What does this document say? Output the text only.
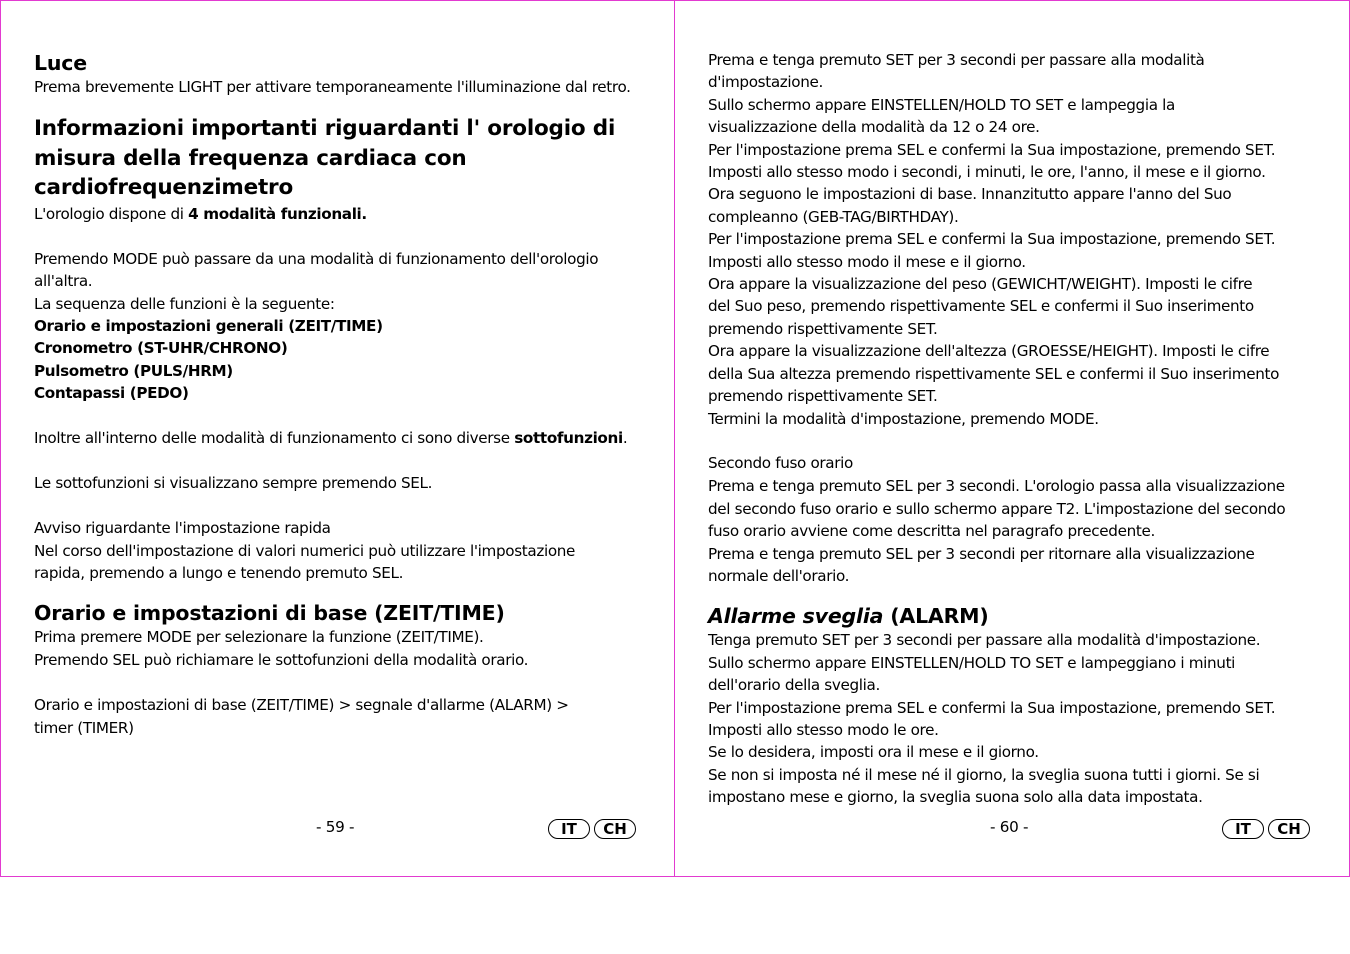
Luce

Prema brevemente LIGHT per attivare temporaneamente l'illuminazione dal retro.

Informazioni importanti riguardanti l' orologio di
misura della frequenza cardiaca con
cardiofrequenzimetro

L'orologio dispone di 4 modalità funzionali.

Premendo MODE può passare da una modalità di funzionamento dell'orologio

all'altra.

La sequenza delle funzioni è la seguente:

Orario e impostazioni generali (ZEIT/TIME)

Cronometro (ST-UHR/CHRONO)

Pulsometro (PULS/HRM)

Contapassi (PEDO)

Inoltre all'interno delle modalità di funzionamento ci sono diverse sottofunzioni.

Le sottofunzioni si visualizzano sempre premendo SEL.

Avviso riguardante l'impostazione rapida

Nel corso dell'impostazione di valori numerici può utilizzare l'impostazione

rapida, premendo a lungo e tenendo premuto SEL.

Orario e impostazioni di base (ZEIT/TIME)

Prima premere MODE per selezionare la funzione (ZEIT/TIME).

Premendo SEL può richiamare le sottofunzioni della modalità orario.

Orario e impostazioni di base (ZEIT/TIME) > segnale d'allarme (ALARM) >
timer (TIMER)
- 59 -	IT	CH

Prema e tenga premuto SET per 3 secondi per passare alla modalità

d'impostazione.

Sullo schermo appare EINSTELLEN/HOLD TO SET e lampeggia la

visualizzazione della modalità da 12 o 24 ore.

Per l'impostazione prema SEL e confermi la Sua impostazione, premendo SET.

Imposti allo stesso modo i secondi, i minuti, le ore, l'anno, il mese e il giorno.

Ora seguono le impostazioni di base. Innanzitutto appare l'anno del Suo

compleanno (GEB-TAG/BIRTHDAY).

Per l'impostazione prema SEL e confermi la Sua impostazione, premendo SET.

Imposti allo stesso modo il mese e il giorno.

Ora appare la visualizzazione del peso (GEWICHT/WEIGHT). Imposti le cifre

del Suo peso, premendo rispettivamente SEL e confermi il Suo inserimento

premendo rispettivamente SET.

Ora appare la visualizzazione dell'altezza (GROESSE/HEIGHT). Imposti le cifre

della Sua altezza premendo rispettivamente SEL e confermi il Suo inserimento

premendo rispettivamente SET.

Termini la modalità d'impostazione, premendo MODE.

Secondo fuso orario

Prema e tenga premuto SEL per 3 secondi. L'orologio passa alla visualizzazione

del secondo fuso orario e sullo schermo appare T2. L'impostazione del secondo

fuso orario avviene come descritta nel paragrafo precedente.

Prema e tenga premuto SEL per 3 secondi per ritornare alla visualizzazione

normale dell'orario.

Allarme sveglia (ALARM)

Tenga premuto SET per 3 secondi per passare alla modalità d'impostazione.

Sullo schermo appare EINSTELLEN/HOLD TO SET e lampeggiano i minuti

dell'orario della sveglia.

Per l'impostazione prema SEL e confermi la Sua impostazione, premendo SET.

Imposti allo stesso modo le ore.

Se lo desidera, imposti ora il mese e il giorno.

Se non si imposta né il mese né il giorno, la sveglia suona tutti i giorni. Se si

impostano mese e giorno, la sveglia suona solo alla data impostata.

- 60 -	IT	CH
